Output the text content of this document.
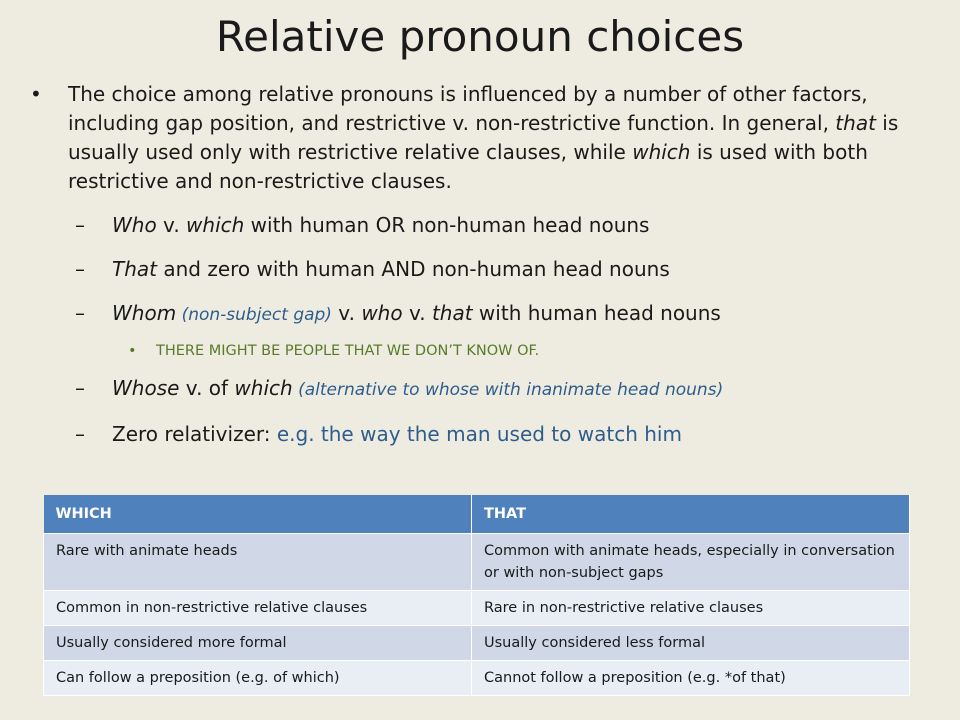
Relative pronoun choices
• The choice among relative pronouns is influenced by a number of other factors, including gap position, and restrictive v. non-restrictive function. In general, that is usually used only with restrictive relative clauses, while which is used with both restrictive and non-restrictive clauses.
– Who v. which with human OR non-human head nouns
– That and zero with human AND non-human head nouns
– Whom (non-subject gap) v. who v. that with human head nouns
• THERE MIGHT BE PEOPLE THAT WE DON’T KNOW OF.
– Whose v. of which (alternative to whose with inanimate head nouns)
– Zero relativizer: e.g. the way the man used to watch him
WHICH	THAT
Rare with animate heads	Common with animate heads, especially in conversation or with non-subject gaps
Common in non-restrictive relative clauses	Rare in non-restrictive relative clauses
Usually considered more formal	Usually considered less formal
Can follow a preposition (e.g. of which)	Cannot follow a preposition (e.g. *of that)
